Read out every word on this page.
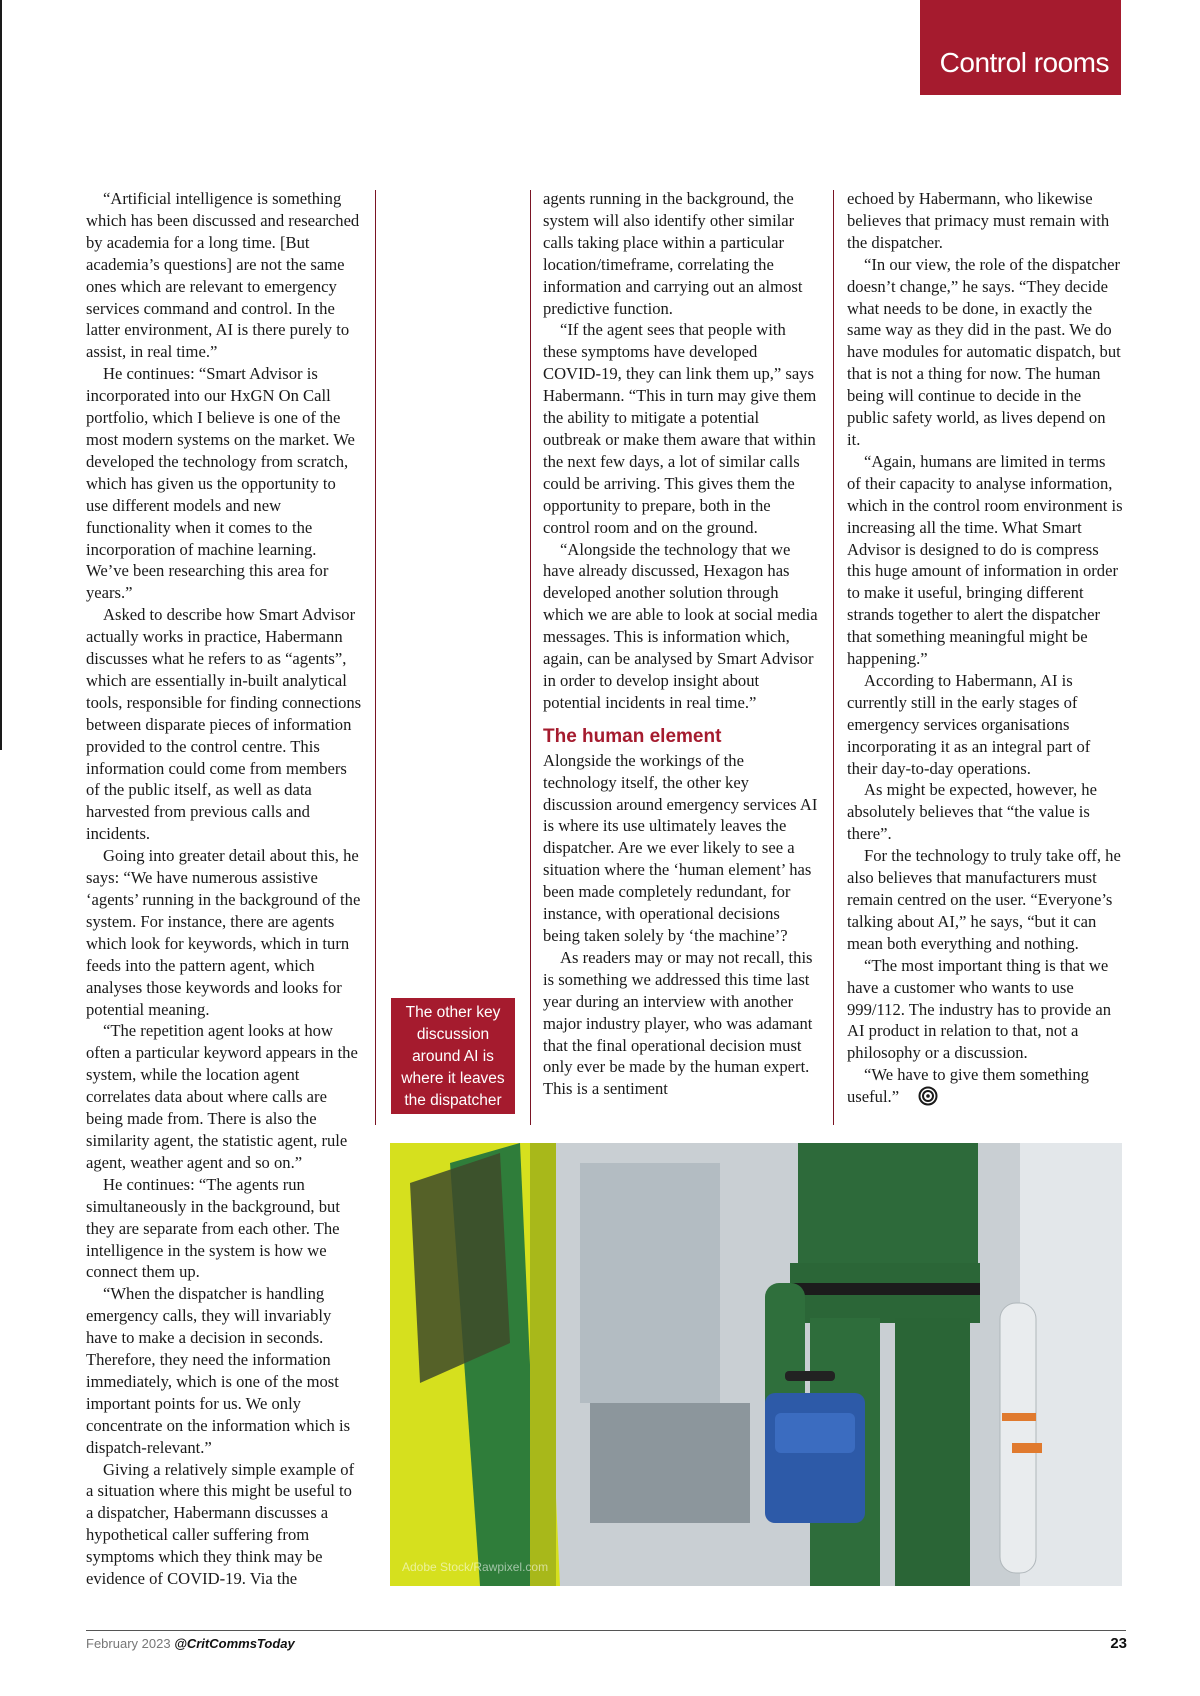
Control rooms

“Artificial intelligence is something which has been discussed and researched by academia for a long time. [But academia’s questions] are not the same ones which are relevant to emergency services command and control. In the latter environment, AI is there purely to assist, in real time.”

He continues: “Smart Advisor is incorporated into our HxGN On Call portfolio, which I believe is one of the most modern systems on the market. We developed the technology from scratch, which has given us the opportunity to use different models and new functionality when it comes to the incorporation of machine learning. We’ve been researching this area for years.”

Asked to describe how Smart Advisor actually works in practice, Habermann discusses what he refers to as “agents”, which are essentially in-built analytical tools, responsible for finding connections between disparate pieces of information provided to the control centre. This information could come from members of the public itself, as well as data harvested from previous calls and incidents.

Going into greater detail about this, he says: “We have numerous assistive ‘agents’ running in the background of the system. For instance, there are agents which look for keywords, which in turn feeds into the pattern agent, which analyses those keywords and looks for potential meaning.

“The repetition agent looks at how often a particular keyword appears in the system, while the location agent correlates data about where calls are being made from. There is also the similarity agent, the statistic agent, rule agent, weather agent and so on.”

He continues: “The agents run simultaneously in the background, but they are separate from each other. The intelligence in the system is how we connect them up.

“When the dispatcher is handling emergency calls, they will invariably have to make a decision in seconds. Therefore, they need the information immediately, which is one of the most important points for us. We only concentrate on the information which is dispatch-relevant.”

Giving a relatively simple example of a situation where this might be useful to a dispatcher, Habermann discusses a hypothetical caller suffering from symptoms which they think may be evidence of COVID-19. Via the

agents running in the background, the system will also identify other similar calls taking place within a particular location/timeframe, correlating the information and carrying out an almost predictive function.

“If the agent sees that people with these symptoms have developed COVID-19, they can link them up,” says Habermann. “This in turn may give them the ability to mitigate a potential outbreak or make them aware that within the next few days, a lot of similar calls could be arriving. This gives them the opportunity to prepare, both in the control room and on the ground.

“Alongside the technology that we have already discussed, Hexagon has developed another solution through which we are able to look at social media messages. This is information which, again, can be analysed by Smart Advisor in order to develop insight about potential incidents in real time.”

The human element

Alongside the workings of the technology itself, the other key discussion around emergency services AI is where its use ultimately leaves the dispatcher. Are we ever likely to see a situation where the ‘human element’ has been made completely redundant, for instance, with operational decisions being taken solely by ‘the machine’?

As readers may or may not recall, this is something we addressed this time last year during an interview with another major industry player, who was adamant that the final operational decision must only ever be made by the human expert. This is a sentiment

echoed by Habermann, who likewise believes that primacy must remain with the dispatcher.

“In our view, the role of the dispatcher doesn’t change,” he says. “They decide what needs to be done, in exactly the same way as they did in the past. We do have modules for automatic dispatch, but that is not a thing for now. The human being will continue to decide in the public safety world, as lives depend on it.

“Again, humans are limited in terms of their capacity to analyse information, which in the control room environment is increasing all the time. What Smart Advisor is designed to do is compress this huge amount of information in order to make it useful, bringing different strands together to alert the dispatcher that something meaningful might be happening.”

According to Habermann, AI is currently still in the early stages of emergency services organisations incorporating it as an integral part of their day-to-day operations.

As might be expected, however, he absolutely believes that “the value is there”.

For the technology to truly take off, he also believes that manufacturers must remain centred on the user. “Everyone’s talking about AI,” he says, “but it can mean both everything and nothing.

“The most important thing is that we have a customer who wants to use 999/112. The industry has to provide an AI product in relation to that, not a philosophy or a discussion.

“We have to give them something useful.”

The other key discussion around AI is where it leaves the dispatcher
Adobe Stock/Rawpixel.com
February 2023 @CritCommsToday	23
